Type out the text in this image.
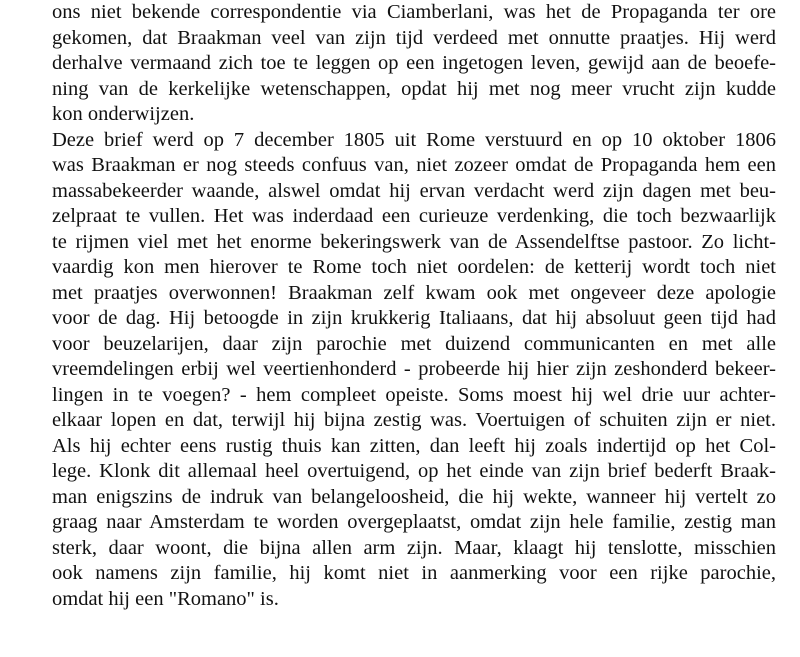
ons niet bekende correspondentie via Ciamberlani, was het de Propaganda ter ore
gekomen, dat Braakman veel van zijn tijd verdeed met onnutte praatjes. Hij werd
derhalve vermaand zich toe te leggen op een ingetogen leven, gewijd aan de beoefe-
ning van de kerkelijke wetenschappen, opdat hij met nog meer vrucht zijn kudde
kon onderwijzen.
Deze brief werd op 7 december 1805 uit Rome verstuurd en op 10 oktober 1806
was Braakman er nog steeds confuus van, niet zozeer omdat de Propaganda hem een
massabekeerder waande, alswel omdat hij ervan verdacht werd zijn dagen met beu-
zelpraat te vullen. Het was inderdaad een curieuze verdenking, die toch bezwaarlijk
te rijmen viel met het enorme bekeringswerk van de Assendelftse pastoor. Zo licht-
vaardig kon men hierover te Rome toch niet oordelen: de ketterij wordt toch niet
met praatjes overwonnen! Braakman zelf kwam ook met ongeveer deze apologie
voor de dag. Hij betoogde in zijn krukkerig Italiaans, dat hij absoluut geen tijd had
voor beuzelarijen, daar zijn parochie met duizend communicanten en met alle
vreemdelingen erbij wel veertienhonderd - probeerde hij hier zijn zeshonderd bekeer-
lingen in te voegen? - hem compleet opeiste. Soms moest hij wel drie uur achter-
elkaar lopen en dat, terwijl hij bijna zestig was. Voertuigen of schuiten zijn er niet.
Als hij echter eens rustig thuis kan zitten, dan leeft hij zoals indertijd op het Col-
lege. Klonk dit allemaal heel overtuigend, op het einde van zijn brief bederft Braak-
man enigszins de indruk van belangeloosheid, die hij wekte, wanneer hij vertelt zo
graag naar Amsterdam te worden overgeplaatst, omdat zijn hele familie, zestig man
sterk, daar woont, die bijna allen arm zijn. Maar, klaagt hij tenslotte, misschien
ook namens zijn familie, hij komt niet in aanmerking voor een rijke parochie,
omdat hij een "Romano" is.
